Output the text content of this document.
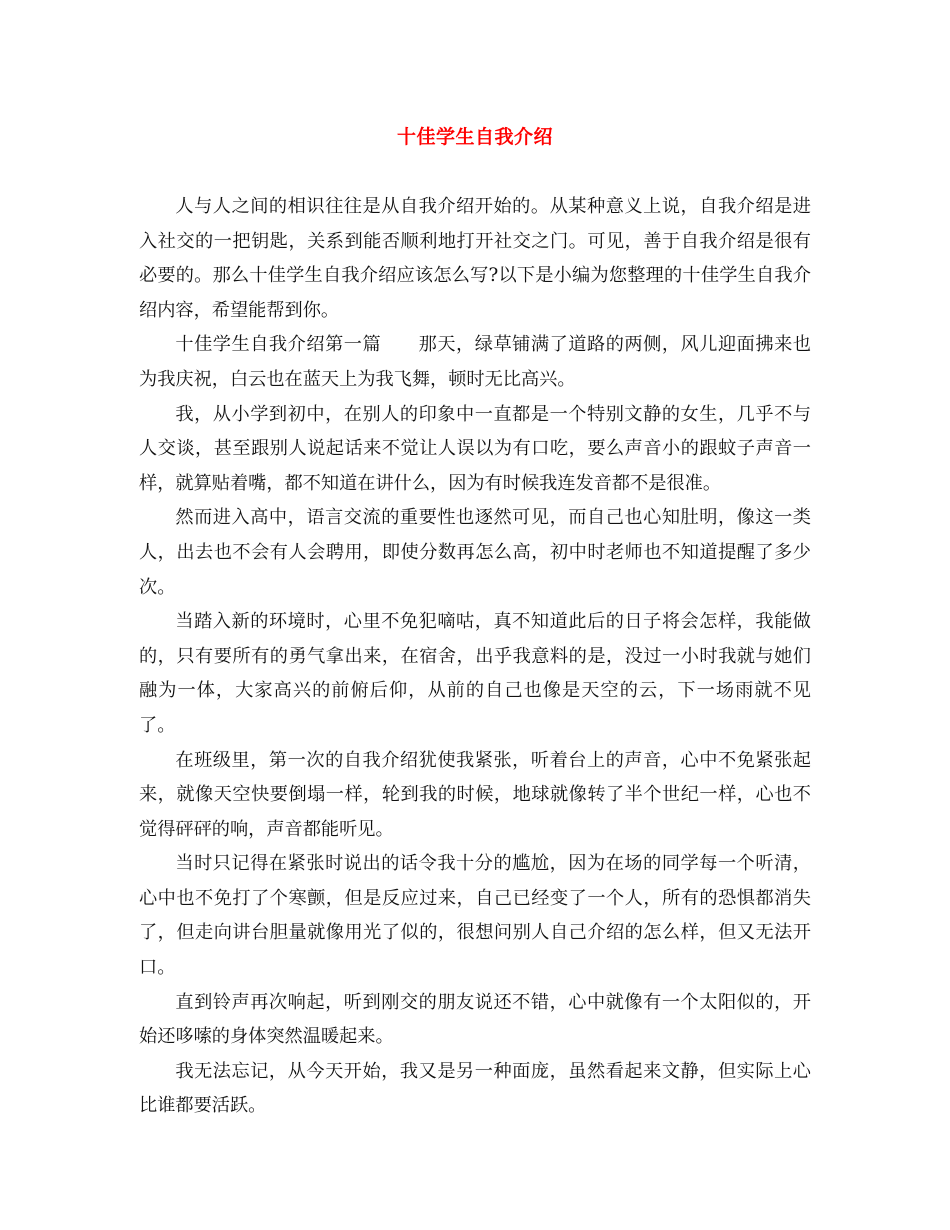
十佳学生自我介绍

人与人之间的相识往往是从自我介绍开始的。从某种意义上说，自我介绍是进入社交的一把钥匙，关系到能否顺利地打开社交之门。可见，善于自我介绍是很有必要的。那么十佳学生自我介绍应该怎么写?以下是小编为您整理的十佳学生自我介绍内容，希望能帮到你。

十佳学生自我介绍第一篇　　那天，绿草铺满了道路的两侧，风儿迎面拂来也为我庆祝，白云也在蓝天上为我飞舞，顿时无比高兴。

我，从小学到初中，在别人的印象中一直都是一个特别文静的女生，几乎不与人交谈，甚至跟别人说起话来不觉让人误以为有口吃，要么声音小的跟蚊子声音一样，就算贴着嘴，都不知道在讲什么，因为有时候我连发音都不是很准。

然而进入高中，语言交流的重要性也逐然可见，而自己也心知肚明，像这一类人，出去也不会有人会聘用，即使分数再怎么高，初中时老师也不知道提醒了多少次。

当踏入新的环境时，心里不免犯嘀咕，真不知道此后的日子将会怎样，我能做的，只有要所有的勇气拿出来，在宿舍，出乎我意料的是，没过一小时我就与她们融为一体，大家高兴的前俯后仰，从前的自己也像是天空的云，下一场雨就不见了。

在班级里，第一次的自我介绍犹使我紧张，听着台上的声音，心中不免紧张起来，就像天空快要倒塌一样，轮到我的时候，地球就像转了半个世纪一样，心也不觉得砰砰的响，声音都能听见。

当时只记得在紧张时说出的话令我十分的尴尬，因为在场的同学每一个听清，心中也不免打了个寒颤，但是反应过来，自己已经变了一个人，所有的恐惧都消失了，但走向讲台胆量就像用光了似的，很想问别人自己介绍的怎么样，但又无法开口。

直到铃声再次响起，听到刚交的朋友说还不错，心中就像有一个太阳似的，开始还哆嗦的身体突然温暖起来。

我无法忘记，从今天开始，我又是另一种面庞，虽然看起来文静，但实际上心比谁都要活跃。
